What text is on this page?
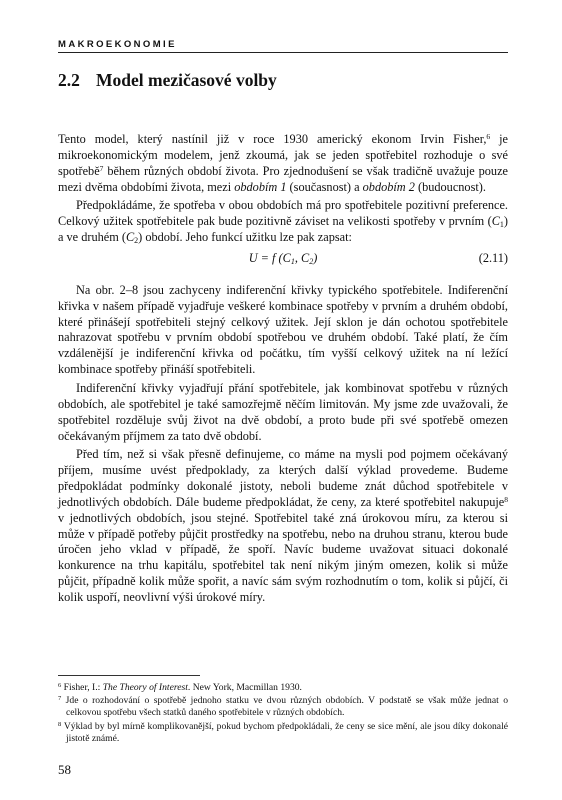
MAKROEKONOMIE
2.2 Model mezičasové volby

Tento model, který nastínil již v roce 1930 americký ekonom Irvin Fisher,$^6$ je mikroekonomickým modelem, jenž zkoumá, jak se jeden spotřebitel rozhoduje o své spotřebě$^7$ během různých období života. Pro zjednodušení se však tradičně uvažuje pouze mezi dvěma obdobími života, mezi obdobím 1 (současnost) a obdobím 2 (budoucnost).

Předpokládáme, že spotřeba v obou obdobích má pro spotřebitele pozitivní preference. Celkový užitek spotřebitele pak bude pozitivně záviset na velikosti spotřeby v prvním $(C_1)$ a ve druhém $(C_2)$ období. Jeho funkcí užitku lze pak zapsat:

U = f ($C_1$, $C_2$)	(2.11)

Na obr. 2–8 jsou zachyceny indiferenční křivky typického spotřebitele. Indiferenční křivka v našem případě vyjadřuje veškeré kombinace spotřeby v prvním a druhém období, které přinášejí spotřebiteli stejný celkový užitek. Její sklon je dán ochotou spotřebitele nahrazovat spotřebu v prvním období spotřebou ve druhém období. Také platí, že čím vzdálenější je indiferenční křivka od počátku, tím vyšší celkový užitek na ní ležící kombinace spotřeby přináší spotřebiteli.

Indiferenční křivky vyjadřují přání spotřebitele, jak kombinovat spotřebu v různých obdobích, ale spotřebitel je také samozřejmě něčím limitován. My jsme zde uvažovali, že spotřebitel rozděluje svůj život na dvě období, a proto bude při své spotřebě omezen očekávaným příjmem za tato dvě období.

Před tím, než si však přesně definujeme, co máme na mysli pod pojmem očekávaný příjem, musíme uvést předpoklady, za kterých další výklad provedeme. Budeme předpokládat podmínky dokonalé jistoty, neboli budeme znát důchod spotřebitele v jednotlivých obdobích. Dále budeme předpokládat, že ceny, za které spotřebitel nakupuje$^8$ v jednotlivých obdobích, jsou stejné. Spotřebitel také zná úrokovou míru, za kterou si může v případě potřeby půjčit prostředky na spotřebu, nebo na druhou stranu, kterou bude úročen jeho vklad v případě, že spoří. Navíc budeme uvažovat situaci dokonalé konkurence na trhu kapitálu, spotřebitel tak není nikým jiným omezen, kolik si může půjčit, případně kolik může spořit, a navíc sám svým rozhodnutím o tom, kolik si půjčí, či kolik uspoří, neovlivní výši úrokové míry.

$^6$ Fisher, I.: The Theory of Interest. New York, Macmillan 1930.
$^7$ Jde o rozhodování o spotřebě jednoho statku ve dvou různých obdobích. V podstatě se však může jednat o celkovou spotřebu všech statků daného spotřebitele v různých obdobích.
$^8$ Výklad by byl mírně komplikovanější, pokud bychom předpokládali, že ceny se sice mění, ale jsou díky dokonalé jistotě známé.
58
